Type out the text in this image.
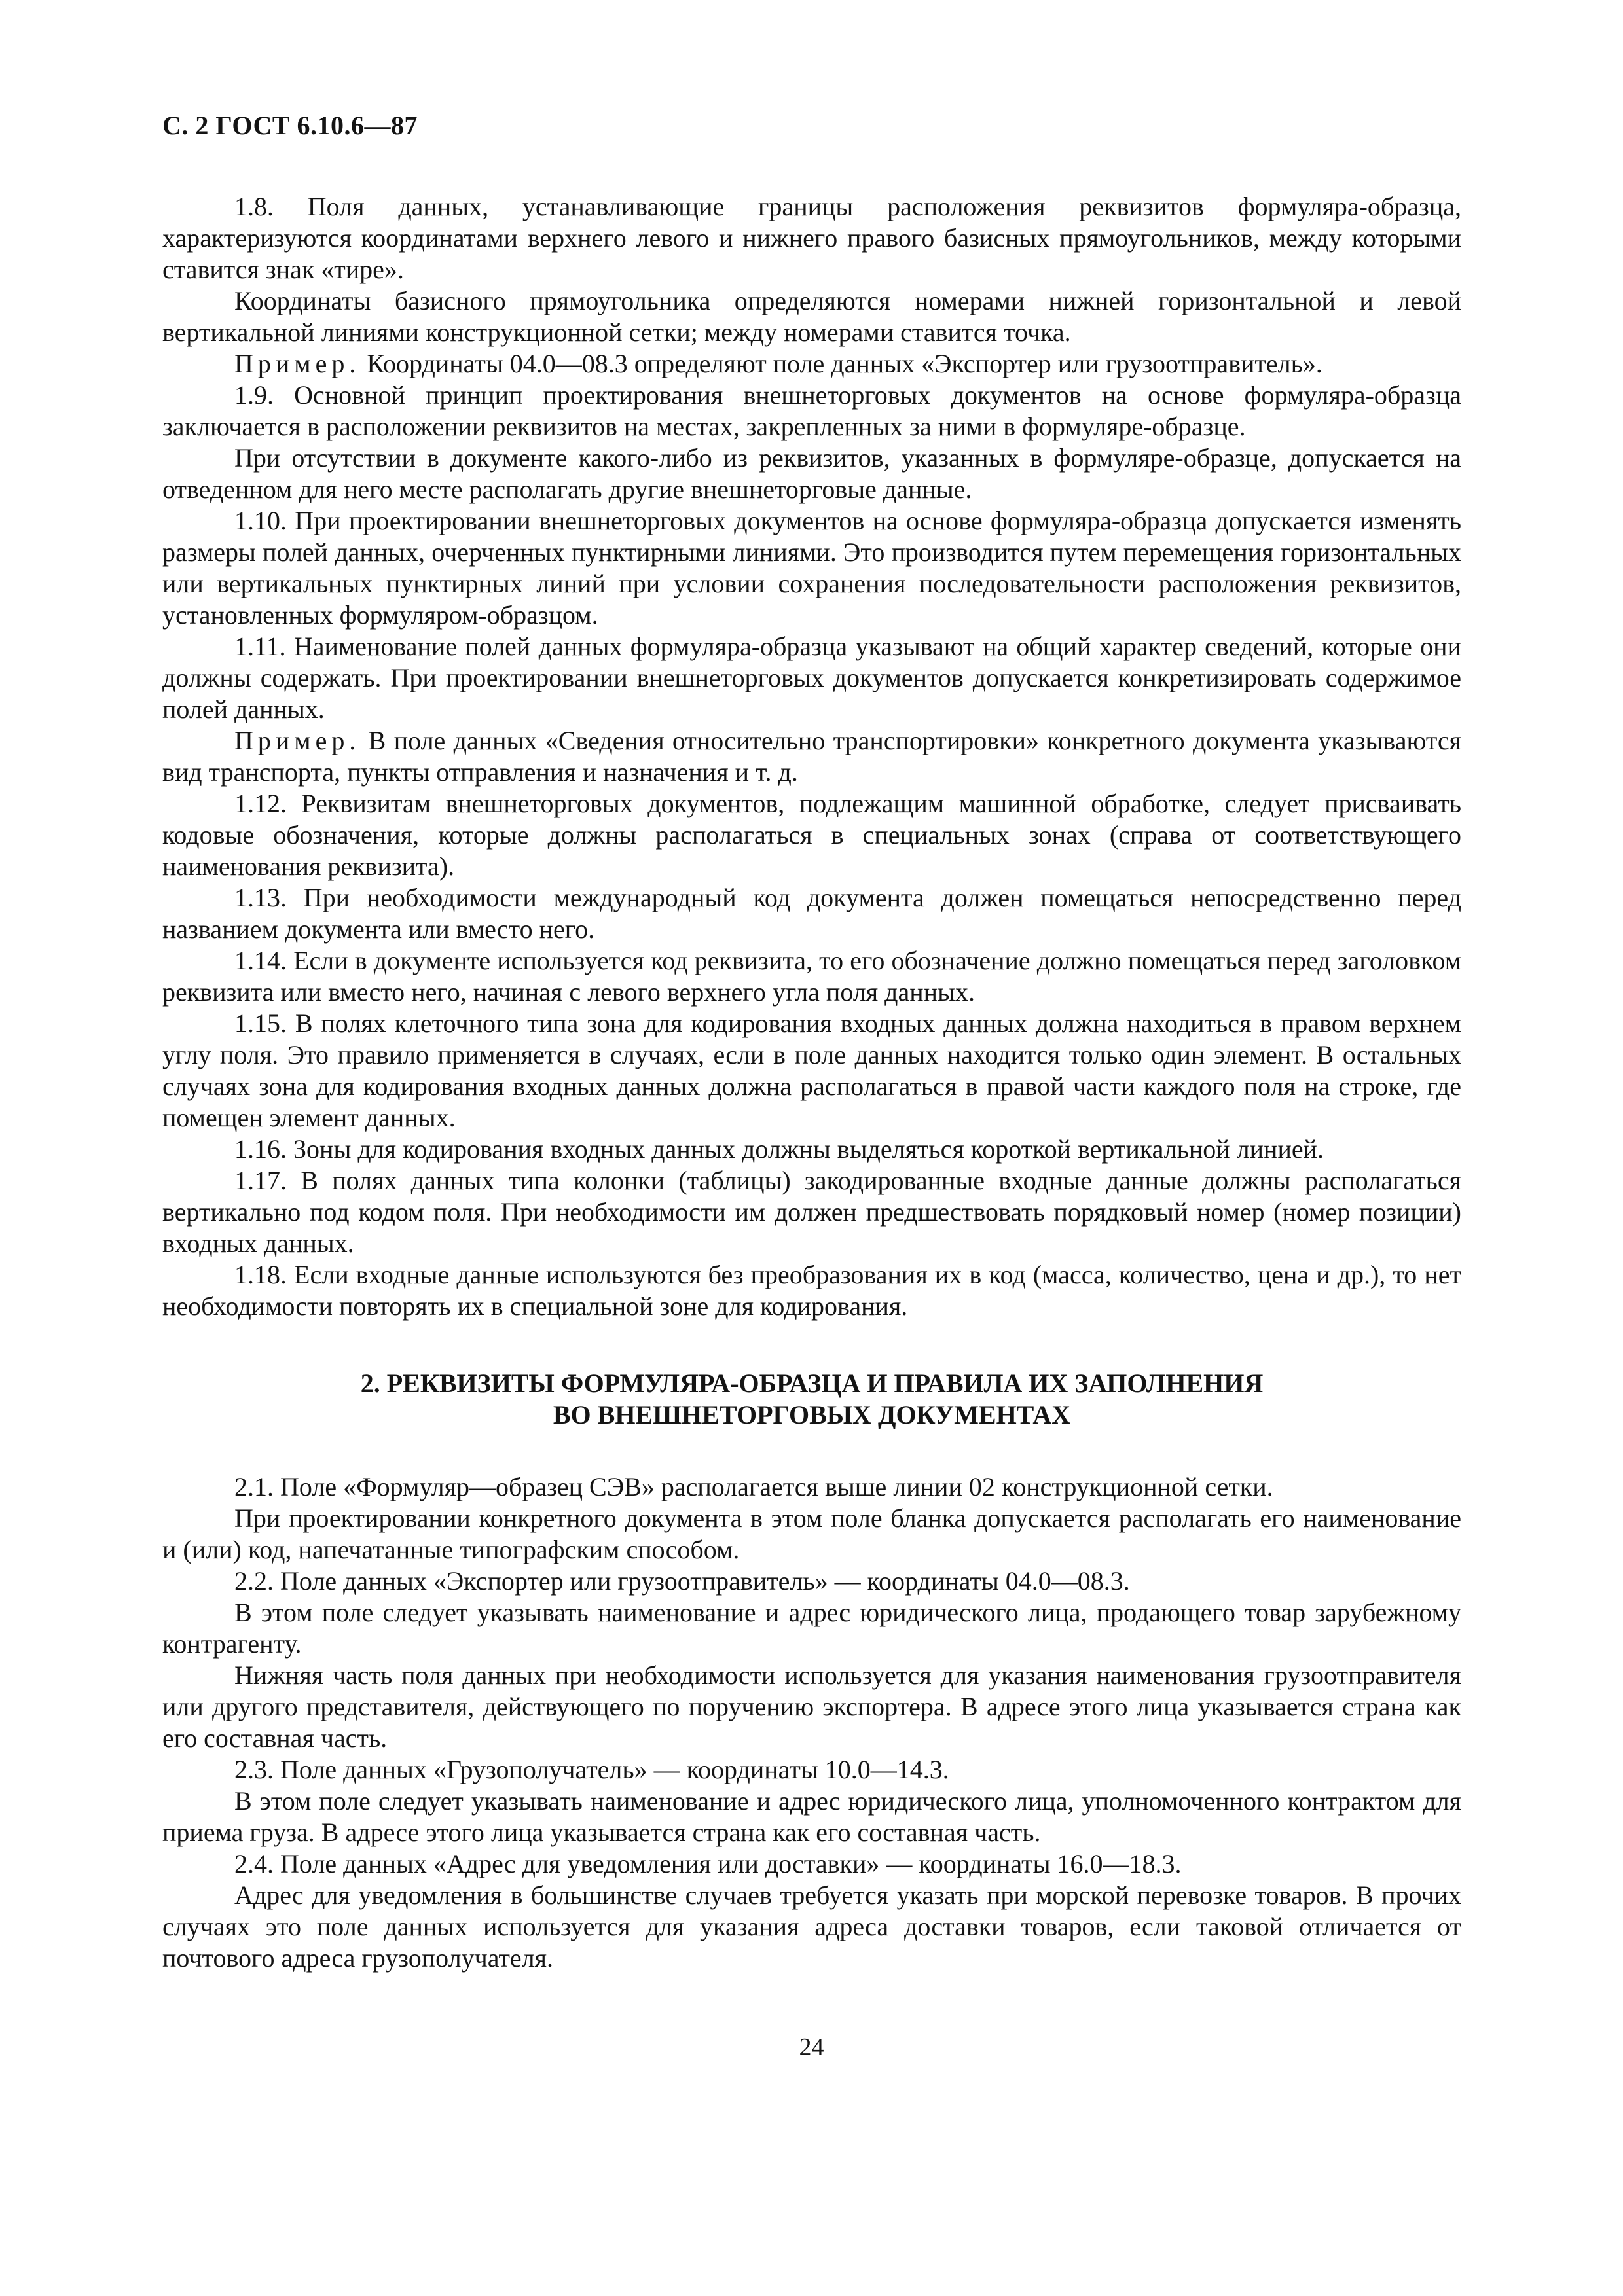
С. 2 ГОСТ 6.10.6—87

1.8. Поля данных, устанавливающие границы расположения реквизитов формуляра-образца, характеризуются координатами верхнего левого и нижнего правого базисных прямоугольников, между которыми ставится знак «тире».

Координаты базисного прямоугольника определяются номерами нижней горизонтальной и левой вертикальной линиями конструкционной сетки; между номерами ставится точка.

Пример. Координаты 04.0—08.3 определяют поле данных «Экспортер или грузоотправитель».

1.9. Основной принцип проектирования внешнеторговых документов на основе формуляра-образца заключается в расположении реквизитов на местах, закрепленных за ними в формуляре-образце.

При отсутствии в документе какого-либо из реквизитов, указанных в формуляре-образце, допускается на отведенном для него месте располагать другие внешнеторговые данные.

1.10. При проектировании внешнеторговых документов на основе формуляра-образца допускается изменять размеры полей данных, очерченных пунктирными линиями. Это производится путем перемещения горизонтальных или вертикальных пунктирных линий при условии сохранения последовательности расположения реквизитов, установленных формуляром-образцом.

1.11. Наименование полей данных формуляра-образца указывают на общий характер сведений, которые они должны содержать. При проектировании внешнеторговых документов допускается конкретизировать содержимое полей данных.

Пример. В поле данных «Сведения относительно транспортировки» конкретного документа указываются вид транспорта, пункты отправления и назначения и т. д.

1.12. Реквизитам внешнеторговых документов, подлежащим машинной обработке, следует присваивать кодовые обозначения, которые должны располагаться в специальных зонах (справа от соответствующего наименования реквизита).

1.13. При необходимости международный код документа должен помещаться непосредственно перед названием документа или вместо него.

1.14. Если в документе используется код реквизита, то его обозначение должно помещаться перед заголовком реквизита или вместо него, начиная с левого верхнего угла поля данных.

1.15. В полях клеточного типа зона для кодирования входных данных должна находиться в правом верхнем углу поля. Это правило применяется в случаях, если в поле данных находится только один элемент. В остальных случаях зона для кодирования входных данных должна располагаться в правой части каждого поля на строке, где помещен элемент данных.

1.16. Зоны для кодирования входных данных должны выделяться короткой вертикальной линией.

1.17. В полях данных типа колонки (таблицы) закодированные входные данные должны располагаться вертикально под кодом поля. При необходимости им должен предшествовать порядковый номер (номер позиции) входных данных.

1.18. Если входные данные используются без преобразования их в код (масса, количество, цена и др.), то нет необходимости повторять их в специальной зоне для кодирования.

2. РЕКВИЗИТЫ ФОРМУЛЯРА-ОБРАЗЦА И ПРАВИЛА ИХ ЗАПОЛНЕНИЯ
ВО ВНЕШНЕТОРГОВЫХ ДОКУМЕНТАХ

2.1. Поле «Формуляр—образец СЭВ» располагается выше линии 02 конструкционной сетки.

При проектировании конкретного документа в этом поле бланка допускается располагать его наименование и (или) код, напечатанные типографским способом.

2.2. Поле данных «Экспортер или грузоотправитель» — координаты 04.0—08.3.

В этом поле следует указывать наименование и адрес юридического лица, продающего товар зарубежному контрагенту.

Нижняя часть поля данных при необходимости используется для указания наименования грузоотправителя или другого представителя, действующего по поручению экспортера. В адресе этого лица указывается страна как его составная часть.

2.3. Поле данных «Грузополучатель» — координаты 10.0—14.3.

В этом поле следует указывать наименование и адрес юридического лица, уполномоченного контрактом для приема груза. В адресе этого лица указывается страна как его составная часть.

2.4. Поле данных «Адрес для уведомления или доставки» — координаты 16.0—18.3.

Адрес для уведомления в большинстве случаев требуется указать при морской перевозке товаров. В прочих случаях это поле данных используется для указания адреса доставки товаров, если таковой отличается от почтового адреса грузополучателя.

24
